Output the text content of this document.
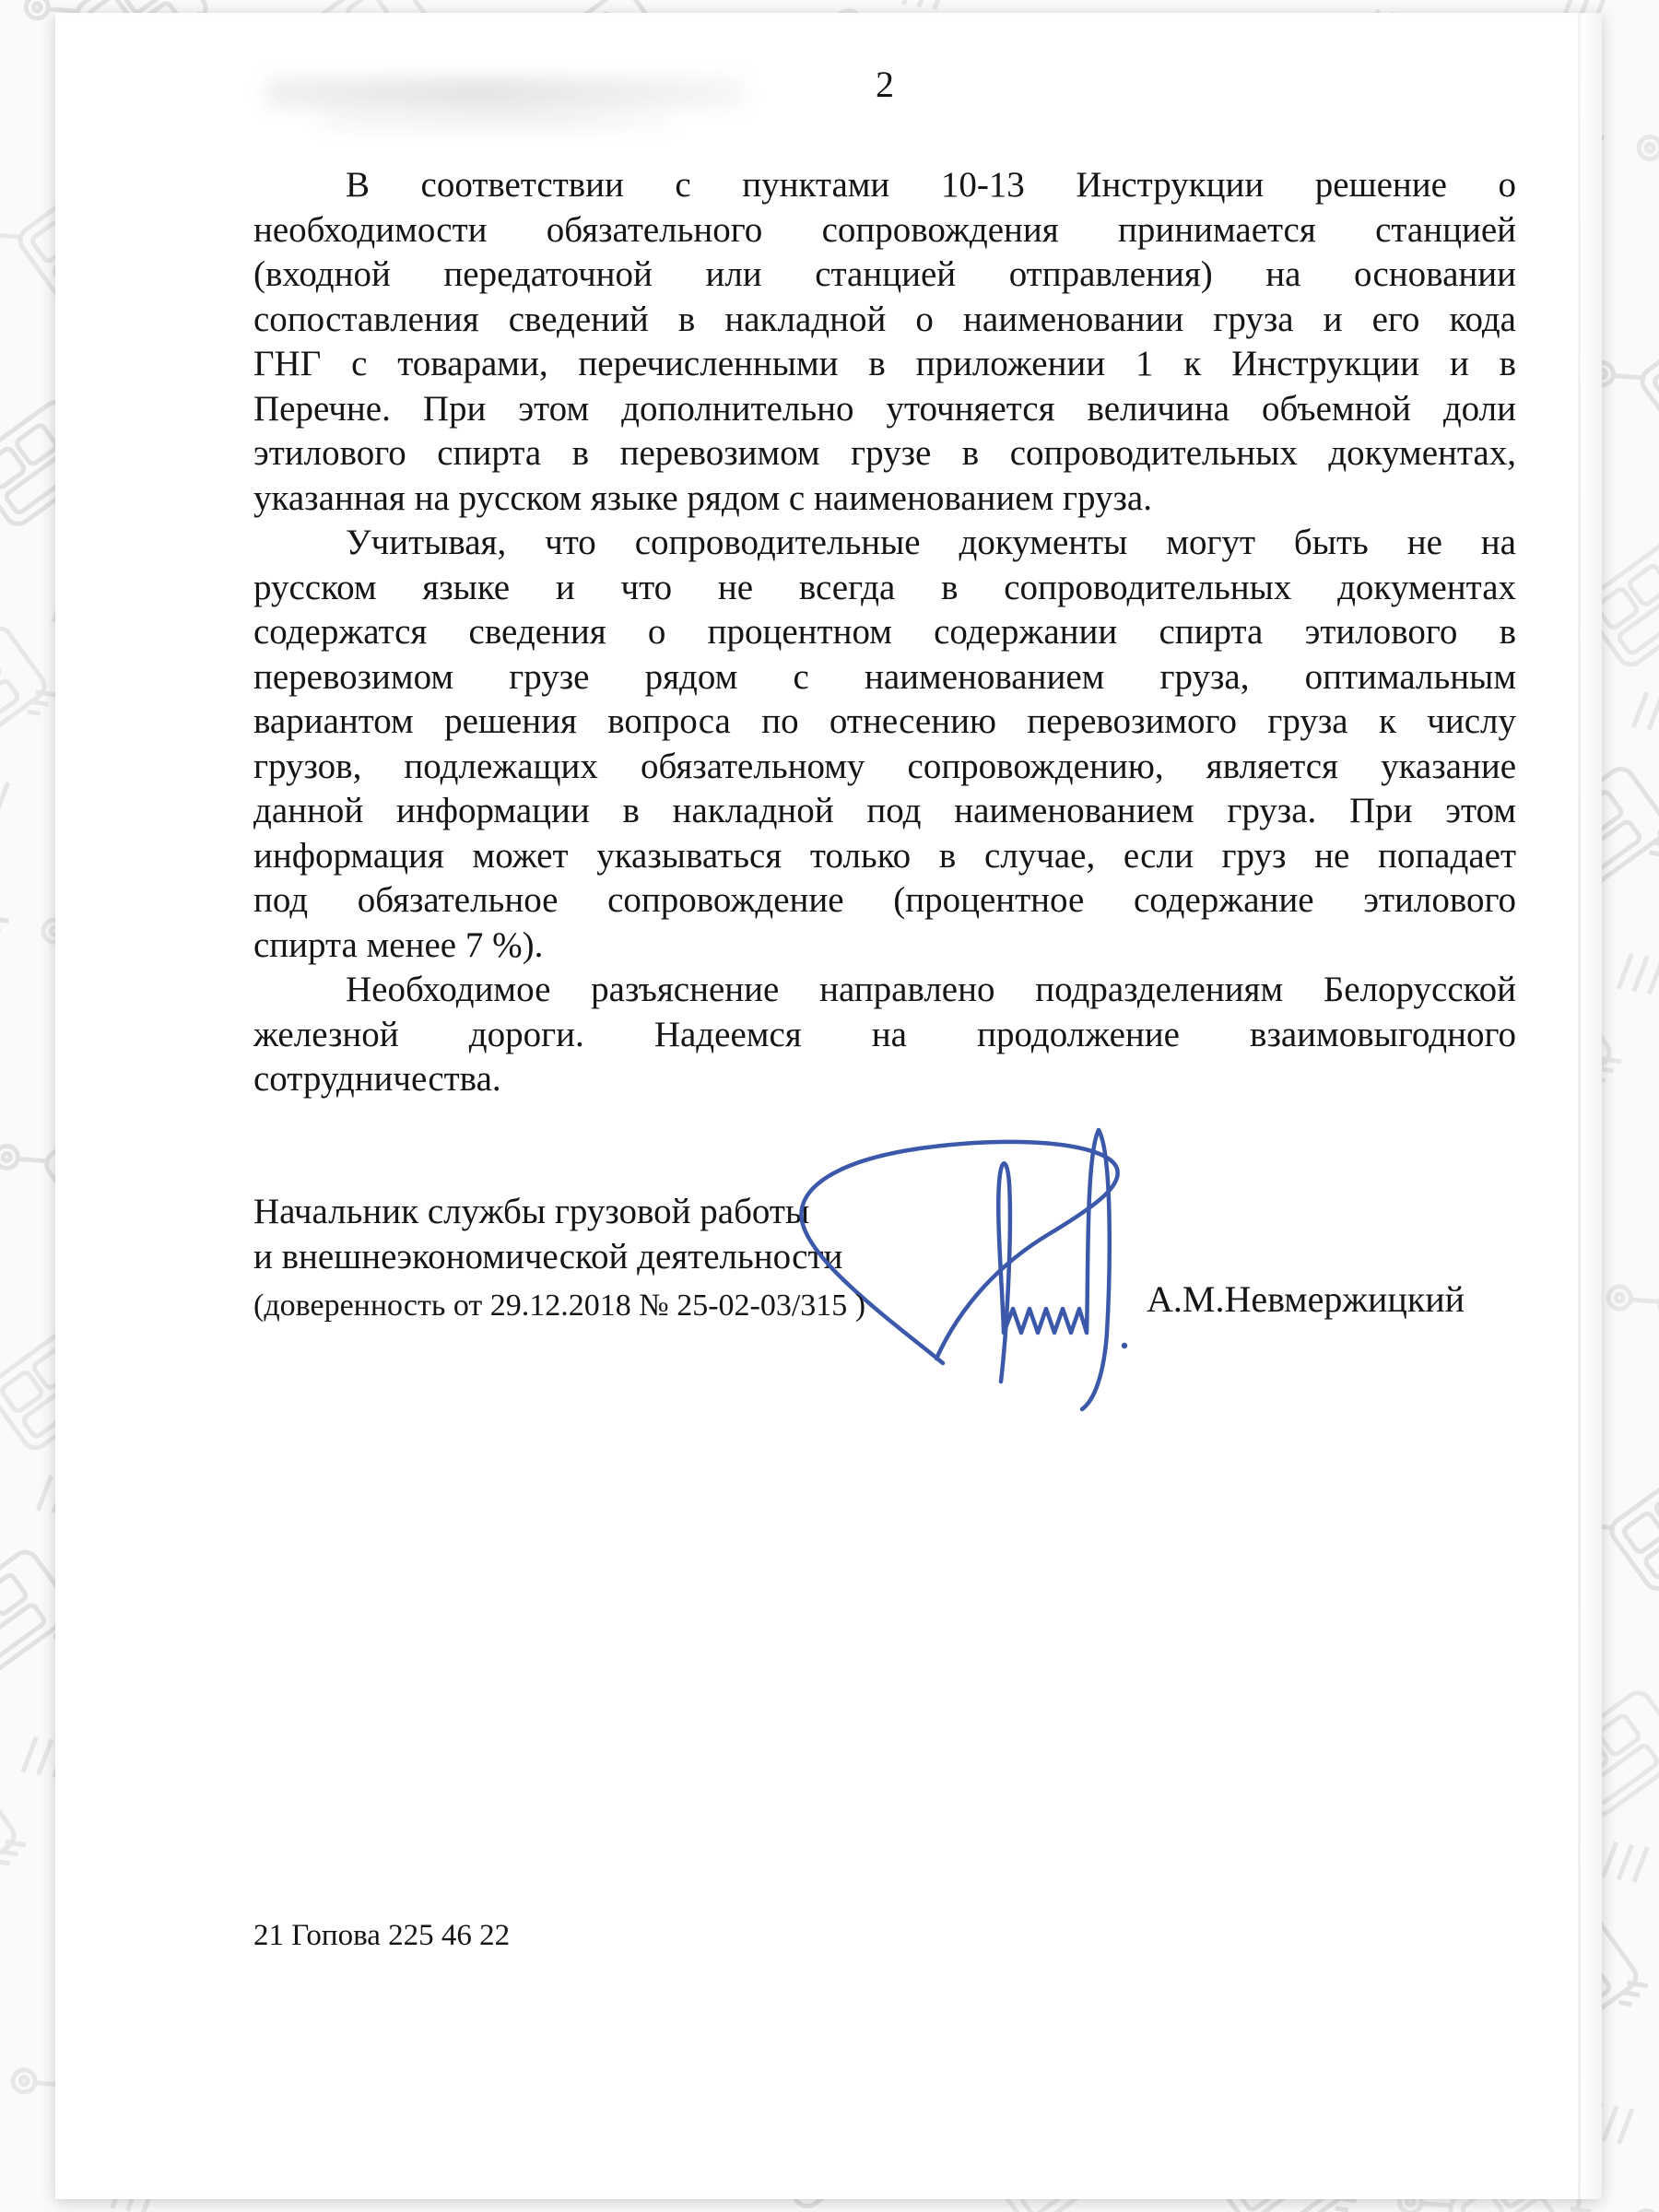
2
В соответствии с пунктами 10-13 Инструкции решение о
необходимости обязательного сопровождения принимается станцией
(входной передаточной или станцией отправления) на основании
сопоставления сведений в накладной о наименовании груза и его кода
ГНГ с товарами, перечисленными в приложении 1 к Инструкции и в
Перечне. При этом дополнительно уточняется величина объемной доли
этилового спирта в перевозимом грузе в сопроводительных документах,
указанная на русском языке рядом с наименованием груза.
Учитывая, что сопроводительные документы могут быть не на
русском языке и что не всегда в сопроводительных документах
содержатся сведения о процентном содержании спирта этилового в
перевозимом грузе рядом с наименованием груза, оптимальным
вариантом решения вопроса по отнесению перевозимого груза к числу
грузов, подлежащих обязательному сопровождению, является указание
данной информации в накладной под наименованием груза. При этом
информация может указываться только в случае, если груз не попадает
под обязательное сопровождение (процентное содержание этилового
спирта менее 7 %).
Необходимое разъяснение направлено подразделениям Белорусской
железной дороги. Надеемся на продолжение взаимовыгодного
сотрудничества.
Начальник службы грузовой работы
и внешнеэкономической деятельности
А.М.Невмержицкий
(доверенность от 29.12.2018 № 25-02-03/315 )
21 Гопова 225 46 22
